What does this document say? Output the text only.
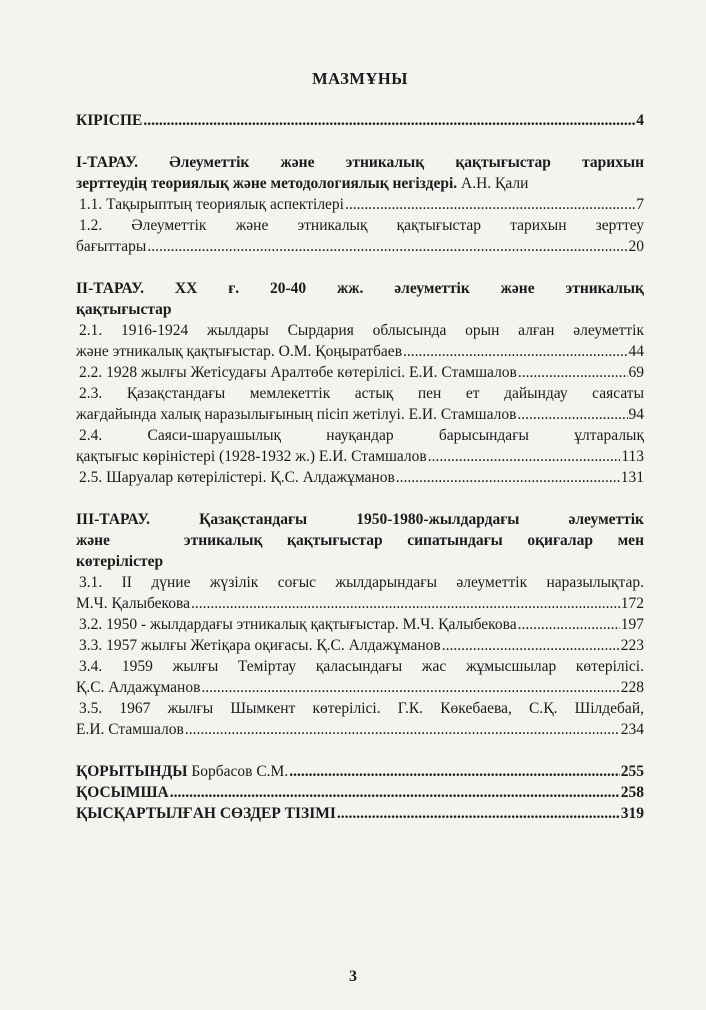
МАЗМҰНЫ
КІРІСПЕ .....	4
І-ТАРАУ. Әлеуметтік және этникалық қақтығыстар тарихын
зерттеудің теориялық және методологиялық негіздері. А.Н. Қали
1.1. Тақырыптың теориялық аспектілері .....	7
1.2. Әлеуметтік және этникалық қақтығыстар тарихын зерттеу
бағыттары .....	20
ІІ-ТАРАУ. ХХ ғ. 20-40 жж. әлеуметтік және этникалық
қақтығыстар
2.1. 1916-1924 жылдары Сырдария облысында орын алған әлеуметтік
және этникалық қақтығыстар. О.М. Қоңыратбаев .....	44
2.2. 1928 жылғы Жетісудағы Аралтөбе көтерілісі. Е.И. Стамшалов .....	69
2.3. Қазақстандағы мемлекеттік астық пен ет дайындау саясаты
жағдайында халық наразылығының пісіп жетілуі. Е.И. Стамшалов .....	94
2.4. Саяси-шаруашылық науқандар барысындағы ұлтаралық
қақтығыс көріністері (1928-1932 ж.) Е.И. Стамшалов .....	113
2.5. Шаруалар көтерілістері. Қ.С. Алдажұманов .....	131
ІІІ-ТАРАУ. Қазақстандағы 1950-1980-жылдардағы әлеуметтік
және   этникалық қақтығыстар сипатындағы оқиғалар мен
көтерілістер
3.1. ІІ дүние жүзілік соғыс жылдарындағы әлеуметтік наразылықтар.
М.Ч. Қалыбекова .....	172
3.2. 1950 - жылдардағы этникалық қақтығыстар. М.Ч. Қалыбекова .....	197
3.3. 1957 жылғы Жетіқара оқиғасы. Қ.С. Алдажұманов .....	223
3.4. 1959 жылғы Теміртау қаласындағы жас жұмысшылар көтерілісі.
Қ.С. Алдажұманов .....	228
3.5. 1967 жылғы Шымкент көтерілісі. Г.К. Көкебаева, С.Қ. Шілдебай,
Е.И. Стамшалов .....	234
ҚОРЫТЫНДЫ
Борбасов С.М. .....	255
ҚОСЫМША .....	258
ҚЫСҚАРТЫЛҒАН СӨЗДЕР ТІЗІМІ .....	319
3
